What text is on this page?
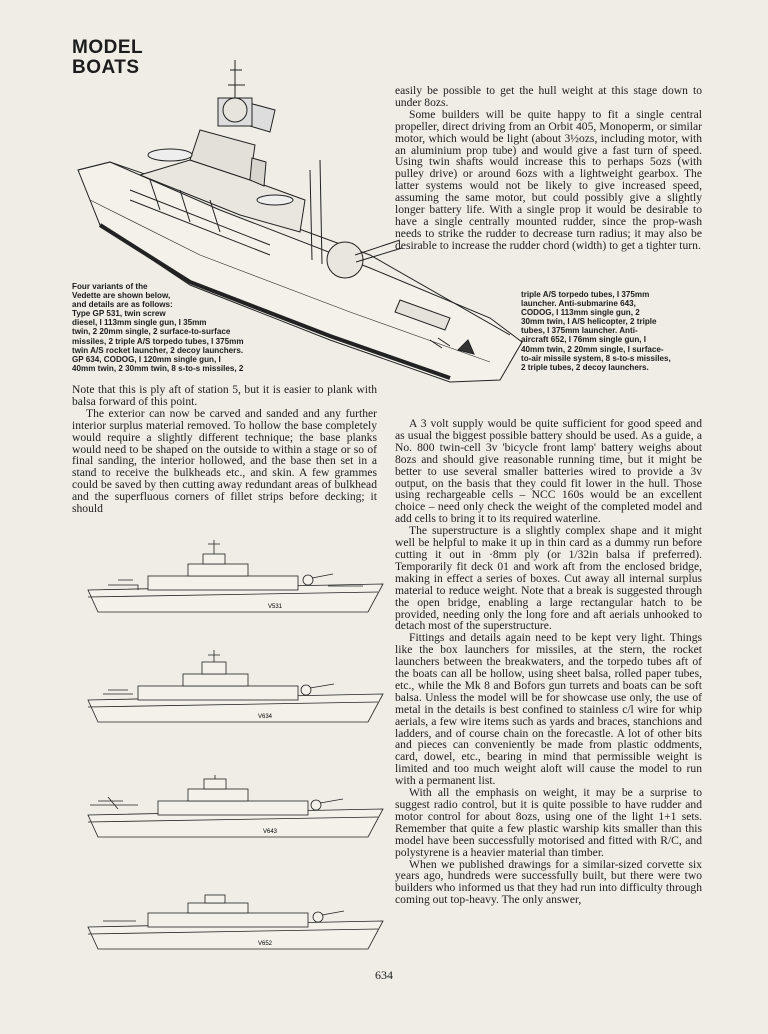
MODEL
BOATS
Four variants of the
Vedette are shown below,
and details are as follows:
Type GP 531, twin screw
diesel, I 113mm single gun, I 35mm
twin, 2 20mm single, 2 surface-to-surface
missiles, 2 triple A/S torpedo tubes, I 375mm
twin A/S rocket launcher, 2 decoy launchers.
GP 634, CODOG, I 120mm single gun, I
40mm twin, 2 30mm twin, 8 s-to-s missiles, 2
triple A/S torpedo tubes, I 375mm
launcher. Anti-submarine 643,
CODOG, I 113mm single gun, 2
30mm twin, I A/S helicopter, 2 triple
tubes, I 375mm launcher. Anti-
aircraft 652, I 76mm single gun, I
40mm twin, 2 20mm single, I surface-
to-air missile system, 8 s-to-s missiles,
2 triple tubes, 2 decoy launchers.

easily be possible to get the hull weight at this stage down to under 8ozs.

Some builders will be quite happy to fit a single central propeller, direct driving from an Orbit 405, Monoperm, or similar motor, which would be light (about 3½ozs, including motor, with an aluminium prop tube) and would give a fast turn of speed. Using twin shafts would increase this to perhaps 5ozs (with pulley drive) or around 6ozs with a lightweight gearbox. The latter systems would not be likely to give increased speed, assuming the same motor, but could possibly give a slightly longer battery life. With a single prop it would be desirable to have a single centrally mounted rudder, since the prop-wash needs to strike the rudder to decrease turn radius; it may also be desirable to increase the rudder chord (width) to get a tighter turn.

Note that this is ply aft of station 5, but it is easier to plank with balsa forward of this point.

The exterior can now be carved and sanded and any further interior surplus material removed. To hollow the base completely would require a slightly different technique; the base planks would need to be shaped on the outside to within a stage or so of final sanding, the interior hollowed, and the base then set in a stand to receive the bulkheads etc., and skin. A few grammes could be saved by then cutting away redundant areas of bulkhead and the superfluous corners of fillet strips before decking; it should

A 3 volt supply would be quite sufficient for good speed and as usual the biggest possible battery should be used. As a guide, a No. 800 twin-cell 3v 'bicycle front lamp' battery weighs about 8ozs and should give reasonable running time, but it might be better to use several smaller batteries wired to provide a 3v output, on the basis that they could fit lower in the hull. Those using rechargeable cells – NCC 160s would be an excellent choice – need only check the weight of the completed model and add cells to bring it to its required waterline.

The superstructure is a slightly complex shape and it might well be helpful to make it up in thin card as a dummy run before cutting it out in ·8mm ply (or 1/32in balsa if preferred). Temporarily fit deck 01 and work aft from the enclosed bridge, making in effect a series of boxes. Cut away all internal surplus material to reduce weight. Note that a break is suggested through the open bridge, enabling a large rectangular hatch to be provided, needing only the long fore and aft aerials unhooked to detach most of the superstructure.

Fittings and details again need to be kept very light. Things like the box launchers for missiles, at the stern, the rocket launchers between the breakwaters, and the torpedo tubes aft of the boats can all be hollow, using sheet balsa, rolled paper tubes, etc., while the Mk 8 and Bofors gun turrets and boats can be soft balsa. Unless the model will be for showcase use only, the use of metal in the details is best confined to stainless c/l wire for whip aerials, a few wire items such as yards and braces, stanchions and ladders, and of course chain on the forecastle. A lot of other bits and pieces can conveniently be made from plastic oddments, card, dowel, etc., bearing in mind that permissible weight is limited and too much weight aloft will cause the model to run with a permanent list.

With all the emphasis on weight, it may be a surprise to suggest radio control, but it is quite possible to have rudder and motor control for about 8ozs, using one of the light 1+1 sets. Remember that quite a few plastic warship kits smaller than this model have been successfully motorised and fitted with R/C, and polystyrene is a heavier material than timber.

When we published drawings for a similar-sized corvette six years ago, hundreds were successfully built, but there were two builders who informed us that they had run into difficulty through coming out top-heavy. The only answer,

V531
V634
V643
V652
634
